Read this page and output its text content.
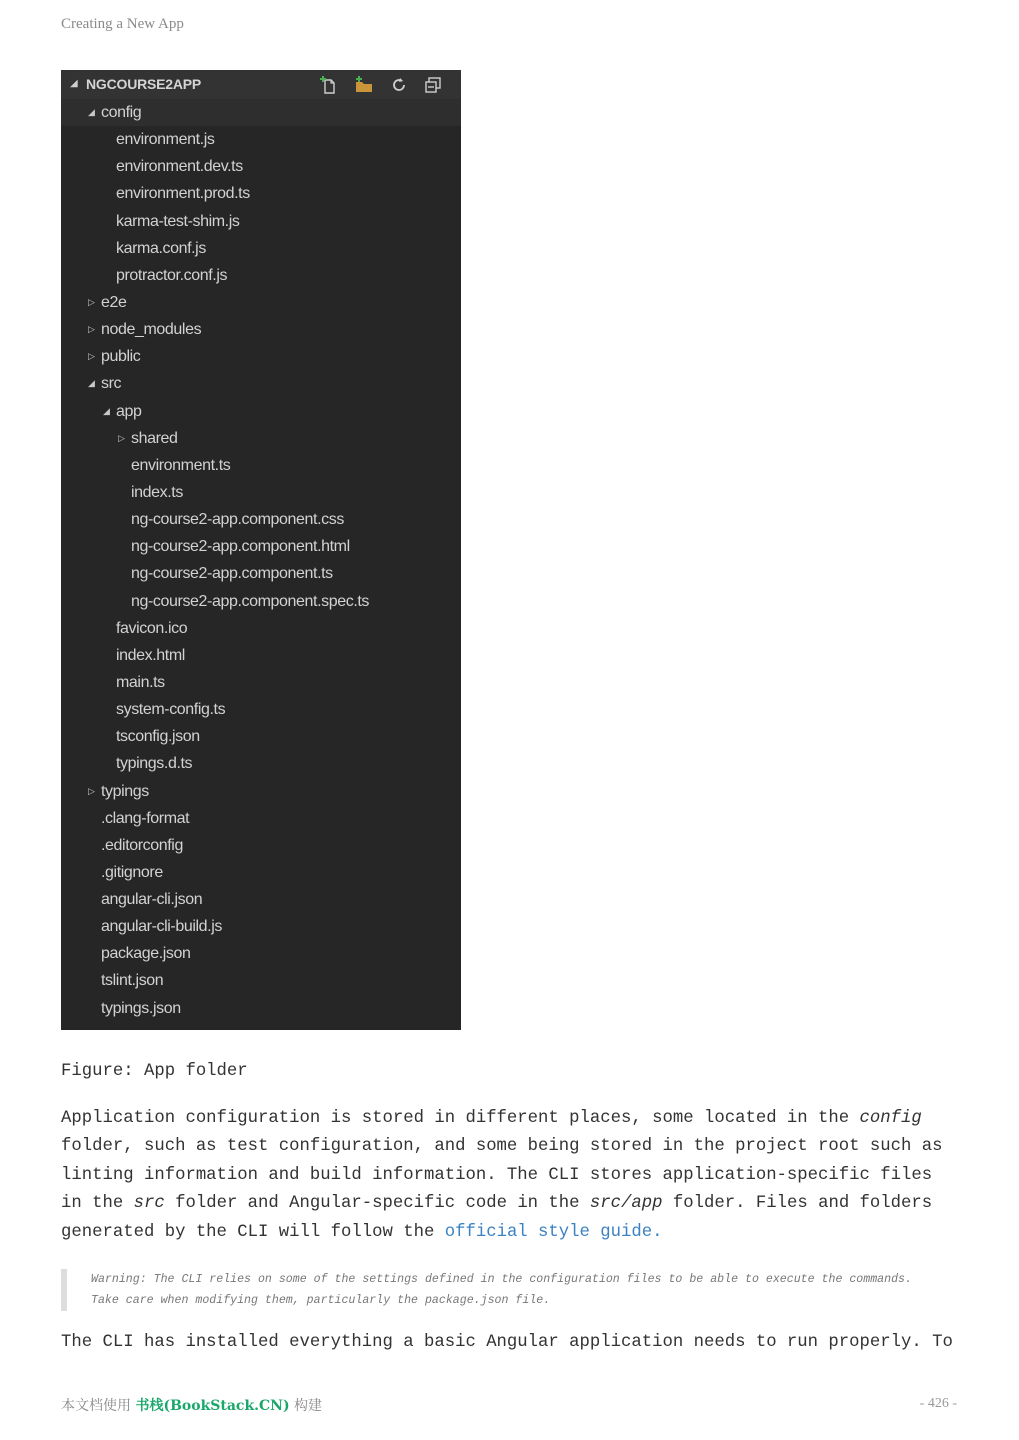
Creating a New App
◢ NGCOURSE2APP
◢ config
environment.js
environment.dev.ts
environment.prod.ts
karma-test-shim.js
karma.conf.js
protractor.conf.js
▷ e2e
▷ node_modules
▷ public
◢ src
◢ app
▷ shared
environment.ts
index.ts
ng-course2-app.component.css
ng-course2-app.component.html
ng-course2-app.component.ts
ng-course2-app.component.spec.ts
favicon.ico
index.html
main.ts
system-config.ts
tsconfig.json
typings.d.ts
▷ typings
.clang-format
.editorconfig
.gitignore
angular-cli.json
angular-cli-build.js
package.json
tslint.json
typings.json
Figure: App folder
Application configuration is stored in different places, some located in the config folder, such as test configuration, and some being stored in the project root such as linting information and build information. The CLI stores application-specific files in the src folder and Angular-specific code in the src/app folder. Files and folders generated by the CLI will follow the official style guide.
Warning: The CLI relies on some of the settings defined in the configuration files to be able to execute the commands. Take care when modifying them, particularly the package.json file.
The CLI has installed everything a basic Angular application needs to run properly. To
本文档使用 书栈(BookStack.CN) 构建	- 426 -
